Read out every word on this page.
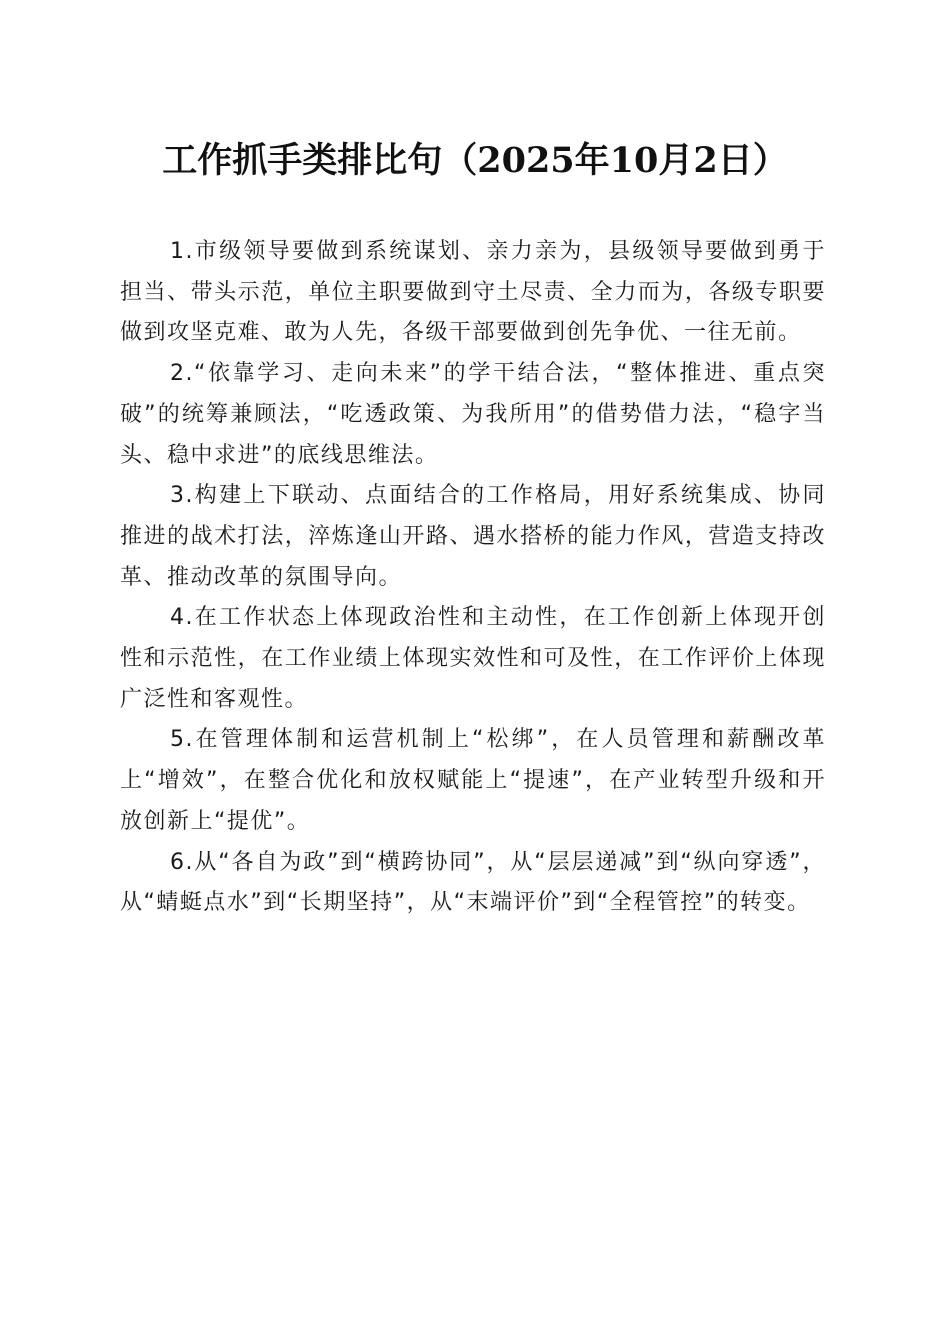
工作抓手类排比句（2025年10月2日）

1.市级领导要做到系统谋划、亲力亲为，县级领导要做到勇于担当、带头示范，单位主职要做到守土尽责、全力而为，各级专职要做到攻坚克难、敢为人先，各级干部要做到创先争优、一往无前。

2.“依靠学习、走向未来”的学干结合法，“整体推进、重点突破”的统筹兼顾法，“吃透政策、为我所用”的借势借力法，“稳字当头、稳中求进”的底线思维法。

3.构建上下联动、点面结合的工作格局，用好系统集成、协同推进的战术打法，淬炼逢山开路、遇水搭桥的能力作风，营造支持改革、推动改革的氛围导向。

4.在工作状态上体现政治性和主动性，在工作创新上体现开创性和示范性，在工作业绩上体现实效性和可及性，在工作评价上体现广泛性和客观性。

5.在管理体制和运营机制上“松绑”，在人员管理和薪酬改革上“增效”，在整合优化和放权赋能上“提速”，在产业转型升级和开放创新上“提优”。

6.从“各自为政”到“横跨协同”，从“层层递减”到“纵向穿透”，从“蜻蜓点水”到“长期坚持”，从“末端评价”到“全程管控”的转变。
